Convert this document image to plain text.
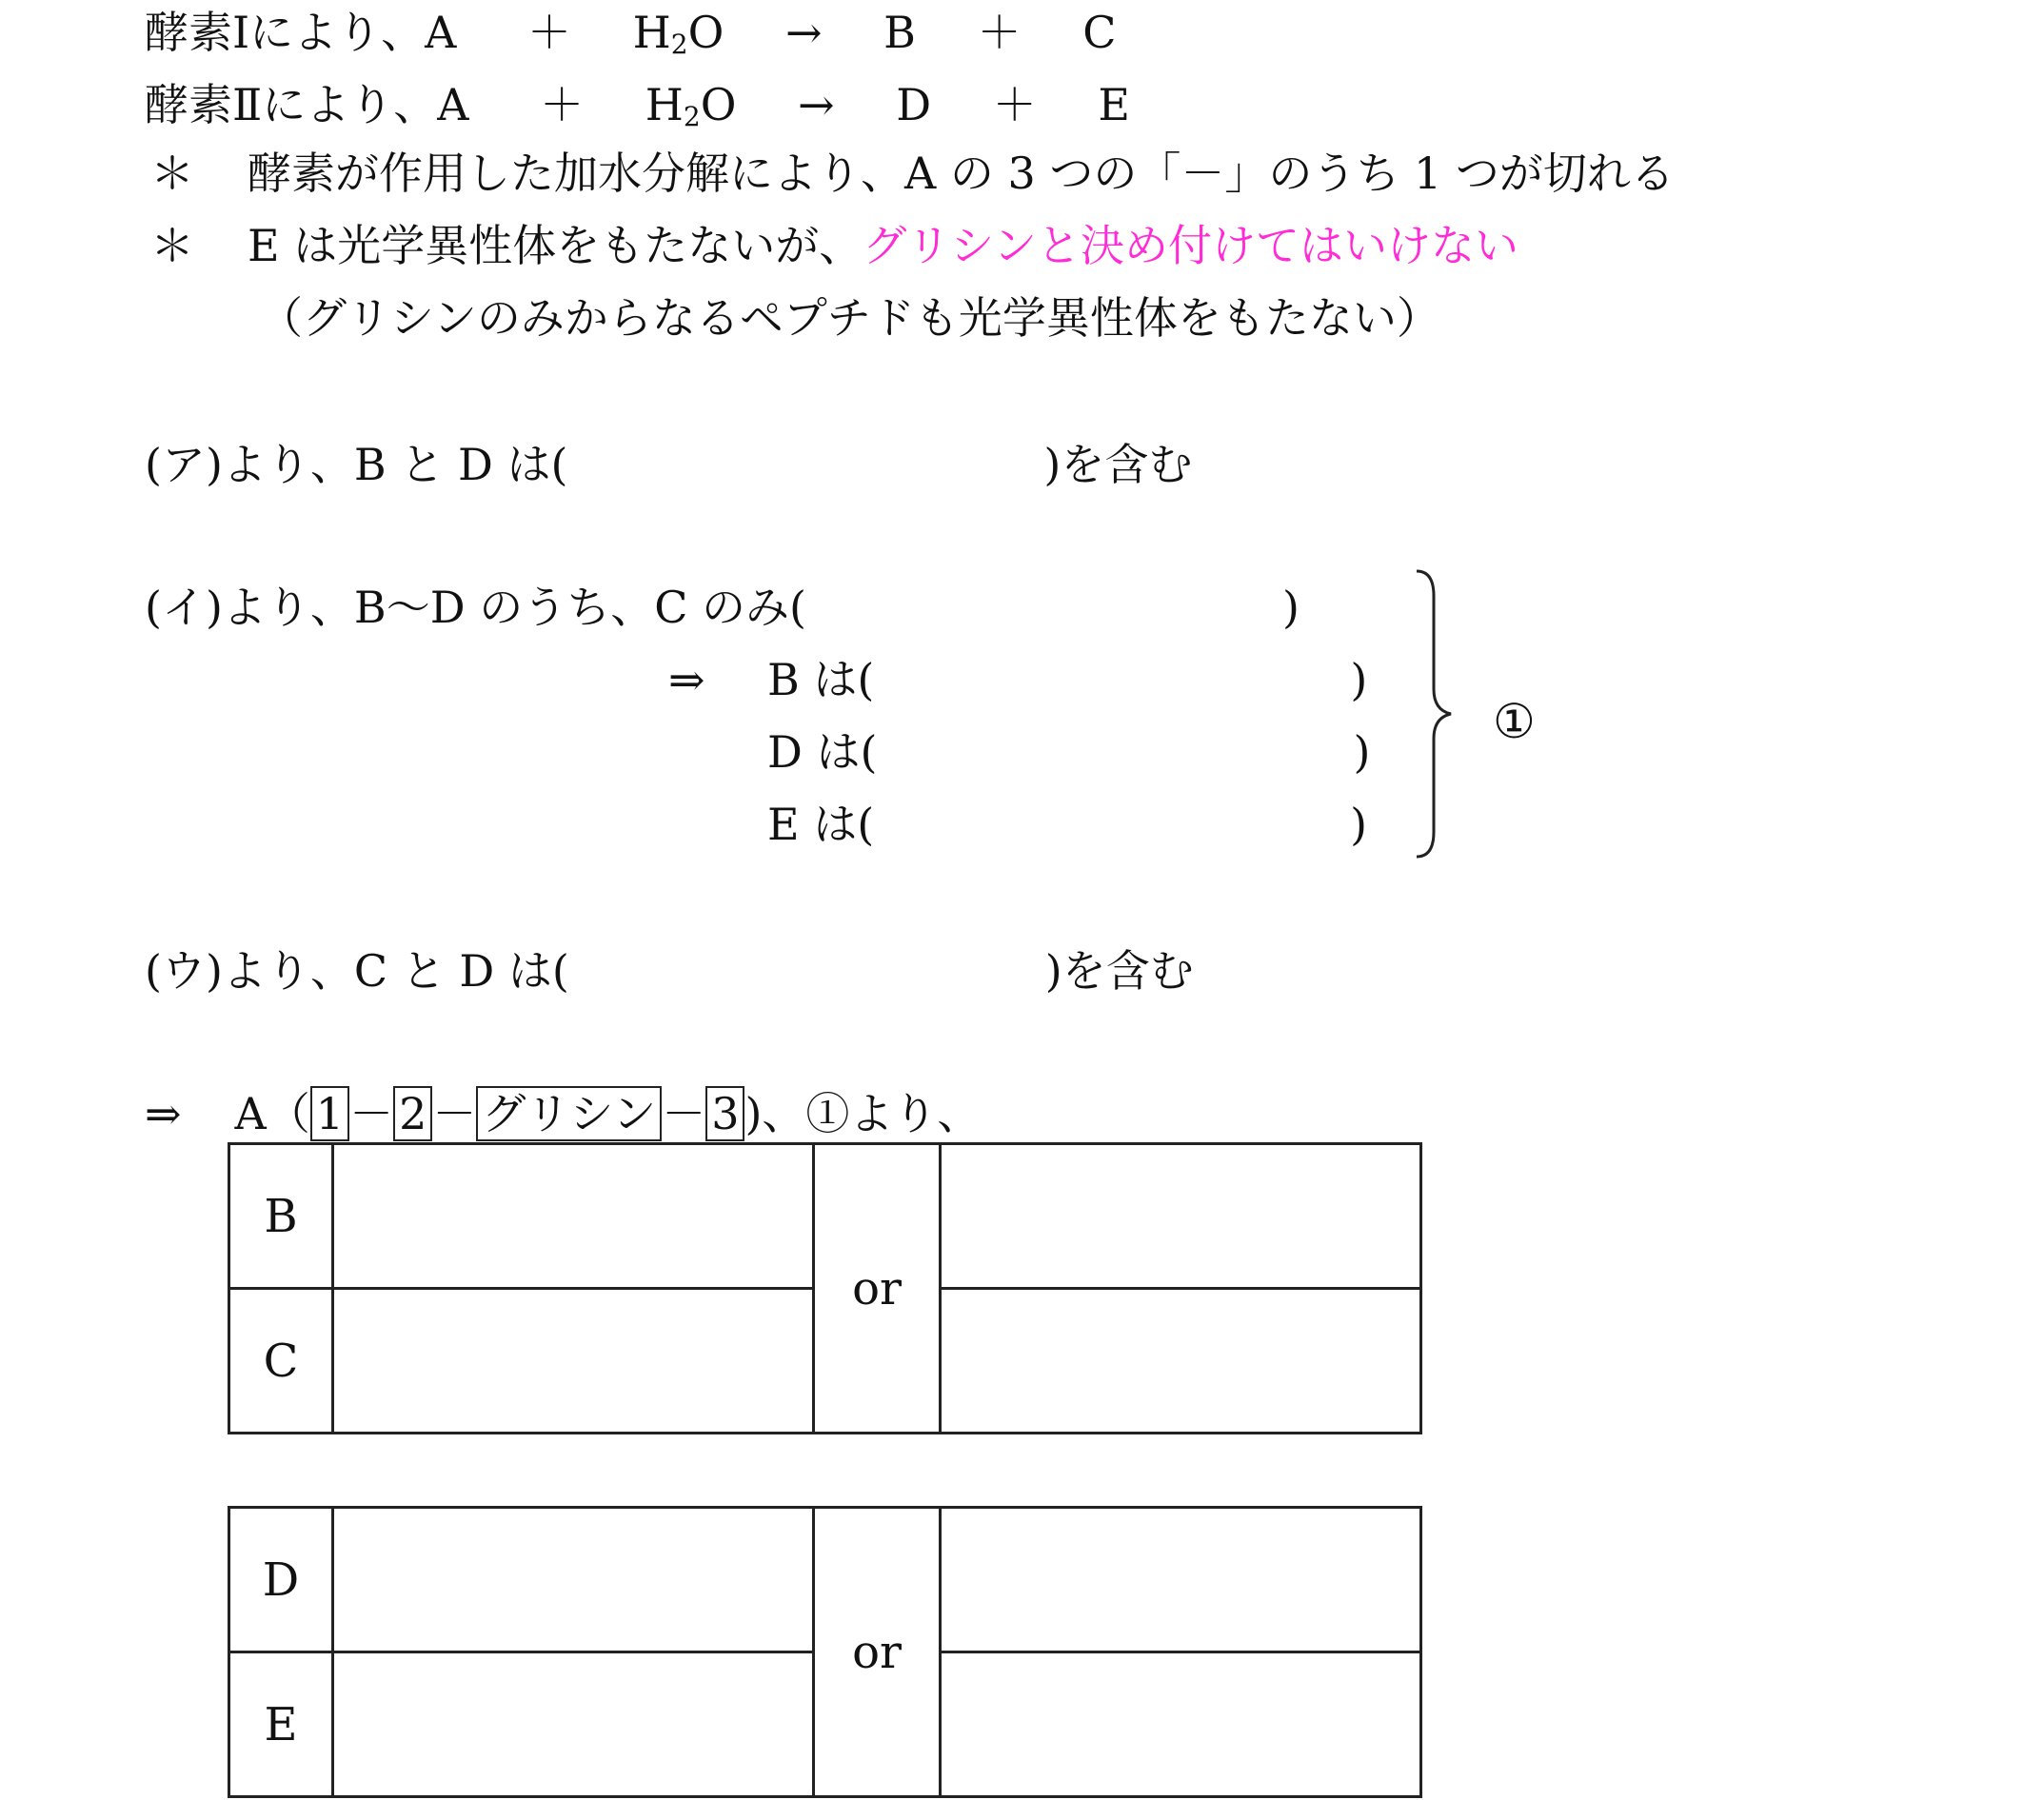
酵素Ⅰにより、$A + H_2O \to B + C$
酵素Ⅱにより、$A + H_2O \to D + E$
＊ 酵素が作用した加水分解により、A の 3 つの「－」のうち 1 つが切れる
＊ E は光学異性体をもたないが、グリシンと決め付けてはいけない
（グリシンのみからなるペプチドも光学異性体をもたない）
(ア)より、B と D は(	)を含む
(イ)より、B～D のうち、C のみ(	)
⇒ B は(	)
D は(	)
E は(	)
①
(ウ)より、C と D は(	)を含む
⇒ A（ 1 － 2 － グリシン － 3 )、①より、
B		or	
C			
D		or	
E			
